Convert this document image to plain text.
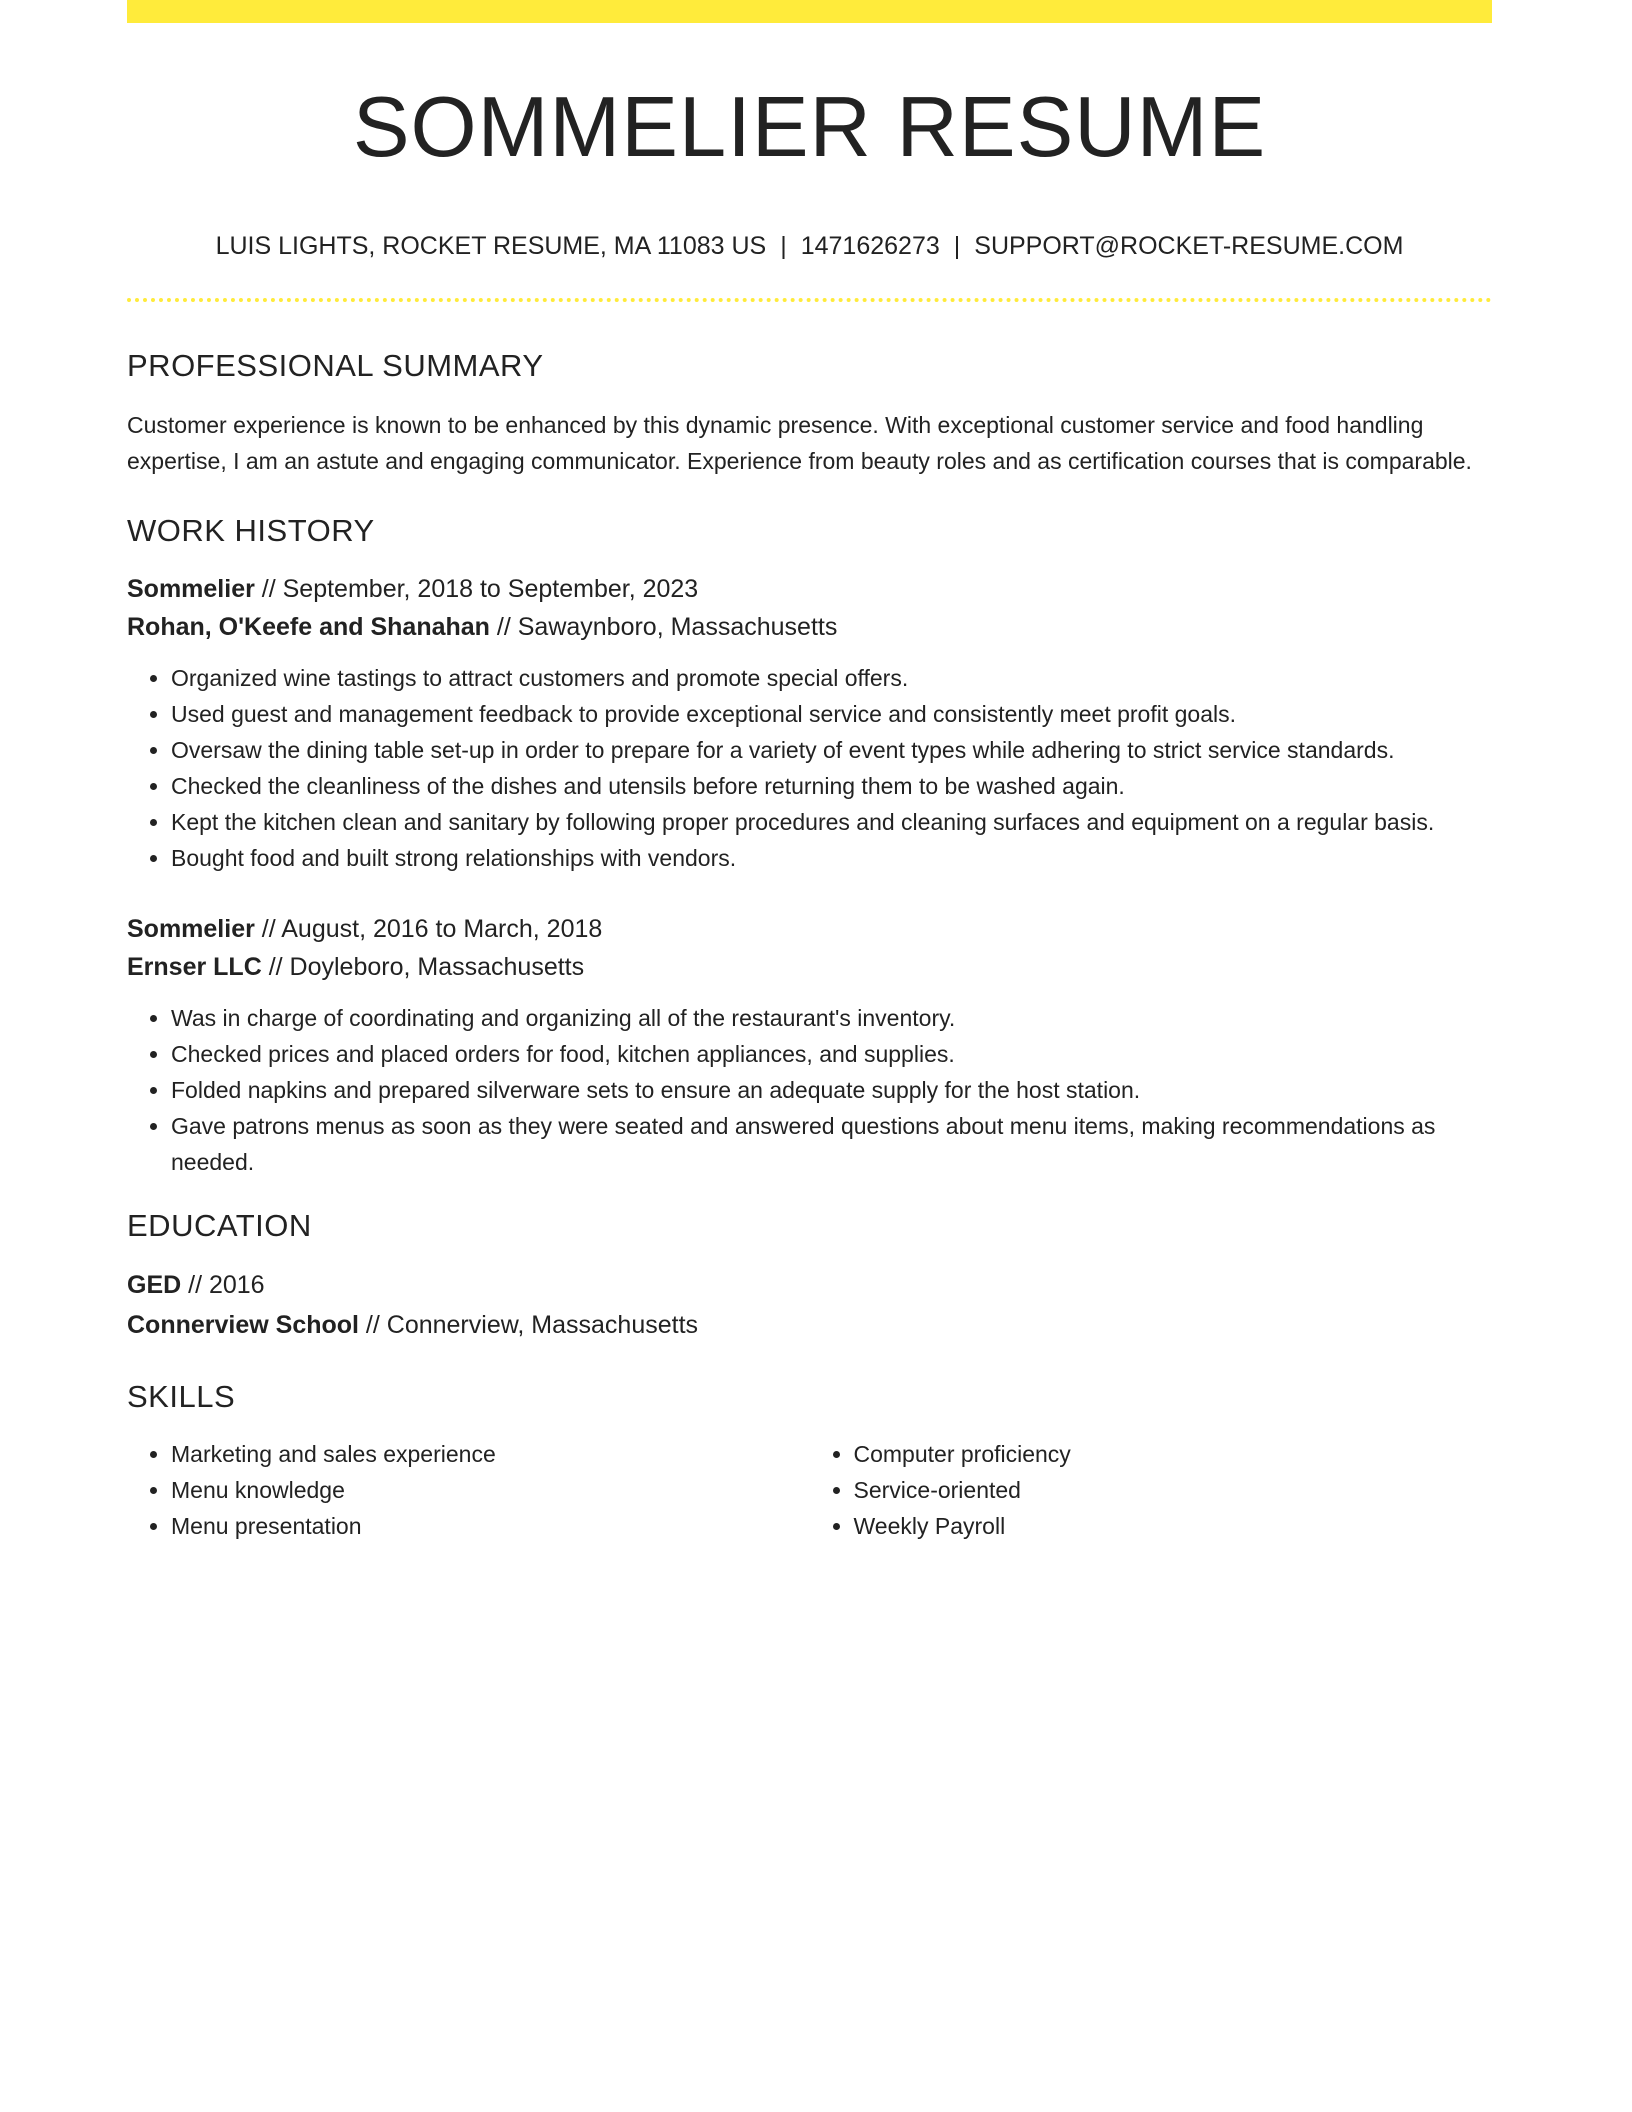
SOMMELIER RESUME
LUIS LIGHTS, ROCKET RESUME, MA 11083 US | 1471626273 | SUPPORT@ROCKET-RESUME.COM
PROFESSIONAL SUMMARY
Customer experience is known to be enhanced by this dynamic presence. With exceptional customer service and food handling expertise, I am an astute and engaging communicator. Experience from beauty roles and as certification courses that is comparable.
WORK HISTORY
Sommelier // September, 2018 to September, 2023
Rohan, O'Keefe and Shanahan // Sawaynboro, Massachusetts
• Organized wine tastings to attract customers and promote special offers.
• Used guest and management feedback to provide exceptional service and consistently meet profit goals.
• Oversaw the dining table set-up in order to prepare for a variety of event types while adhering to strict service standards.
• Checked the cleanliness of the dishes and utensils before returning them to be washed again.
• Kept the kitchen clean and sanitary by following proper procedures and cleaning surfaces and equipment on a regular basis.
• Bought food and built strong relationships with vendors.
Sommelier // August, 2016 to March, 2018
Ernser LLC // Doyleboro, Massachusetts
• Was in charge of coordinating and organizing all of the restaurant's inventory.
• Checked prices and placed orders for food, kitchen appliances, and supplies.
• Folded napkins and prepared silverware sets to ensure an adequate supply for the host station.
• Gave patrons menus as soon as they were seated and answered questions about menu items, making recommendations as needed.
EDUCATION
GED // 2016
Connerview School // Connerview, Massachusetts
SKILLS
• Marketing and sales experience
• Menu knowledge
• Menu presentation
• Computer proficiency
• Service-oriented
• Weekly Payroll
